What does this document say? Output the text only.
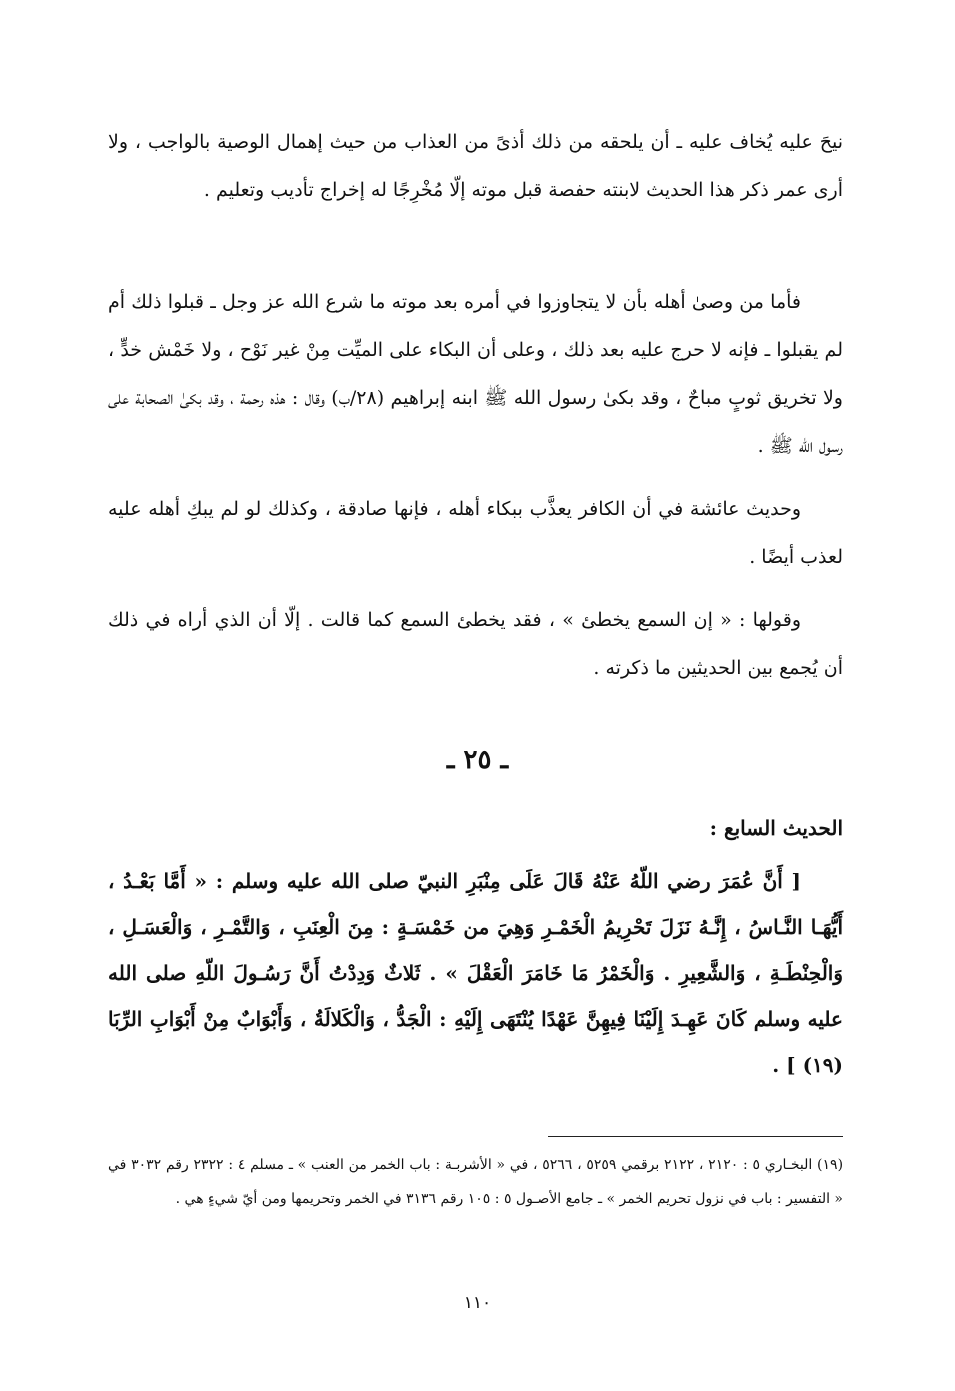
نيحَ عليه يُخاف عليه ـ أن يلحقه من ذلك أذىً من العذاب من حيث إهمال الوصية بالواجب ، ولا أرى عمر ذكر هذا الحديث لابنته حفصة قبل موته إلّا مُخْرِجًا له إخراج تأديب وتعليم .

فأما من وصىٰ أهله بأن لا يتجاوزوا في أمره بعد موته ما شرع الله عز وجل ـ قبلوا ذلك أم لم يقبلوا ـ فإنه لا حرج عليه بعد ذلك ، وعلى أن البكاء على الميِّت مِنْ غير نَوْح ، ولا خَمْش خدٍّ ، ولا تخريق ثوبٍ مباحٌ ، وقد بكىٰ رسول الله ﷺ ابنه إبراهيم (٢٨/ب) وقال : هذه رحمة ، وقد بكىٰ الصحابة على رسول الله ﷺ .

وحديث عائشة في أن الكافر يعذَّب ببكاء أهله ، فإنها صادقة ، وكذلك لو لم يبكِ أهله عليه لعذب أيضًا .

وقولها : « إن السمع يخطئ » ، فقد يخطئ السمع كما قالت . إلّا أن الذي أراه في ذلك أن يُجمع بين الحديثين ما ذكرته .

ـ ٢٥ ـ
الحديث السابع :

[ أَنَّ عُمَرَ رضي اللّهُ عَنْهُ قَالَ عَلَى مِنْبَرِ النبيّ صلى الله عليه وسلم : « أَمَّا بَعْـدُ ، أَيُّهَـا النَّـاسُ ، إِنَّـهُ نَزَلَ تَحْرِيمُ الْخَمْـرِ وَهِيَ من خَمْسَـةٍ : مِنَ الْعِنَبِ ، وَالتَّمْـرِ ، وَالْعَسَـلِ ، وَالْحِنْطَـةِ ، وَالشَّعِيرِ . وَالْخَمْرُ مَا خَامَرَ الْعَقْلَ » . ثَلاثٌ وَدِدْتُ أَنَّ رَسُـولَ اللّهِ صلى الله عليه وسلم كَانَ عَهِـدَ إِلَيْنَا فِيهِنَّ عَهْدًا يُنْتَهَى إِلَيْهِ : الْجَدُّ ، وَالْكَلالَةُ ، وَأَبْوَابٌ مِنْ أَبْوَابِ الرِّبَا (١٩) ] .

(١٩) البخـاري ٥ : ٢١٢٠ ، ٢١٢٢ برقمي ٥٢٥٩ ، ٥٢٦٦ ، في « الأشربـة : باب الخمر من العنب » ـ مسلم ٤ : ٢٣٢٢ رقم ٣٠٣٢ في « التفسير : باب في نزول تحريم الخمر » ـ جامع الأصـول ٥ : ١٠٥ رقم ٣١٣٦ في الخمر وتحريمها ومن أيّ شيءٍ هي .

١١٠
